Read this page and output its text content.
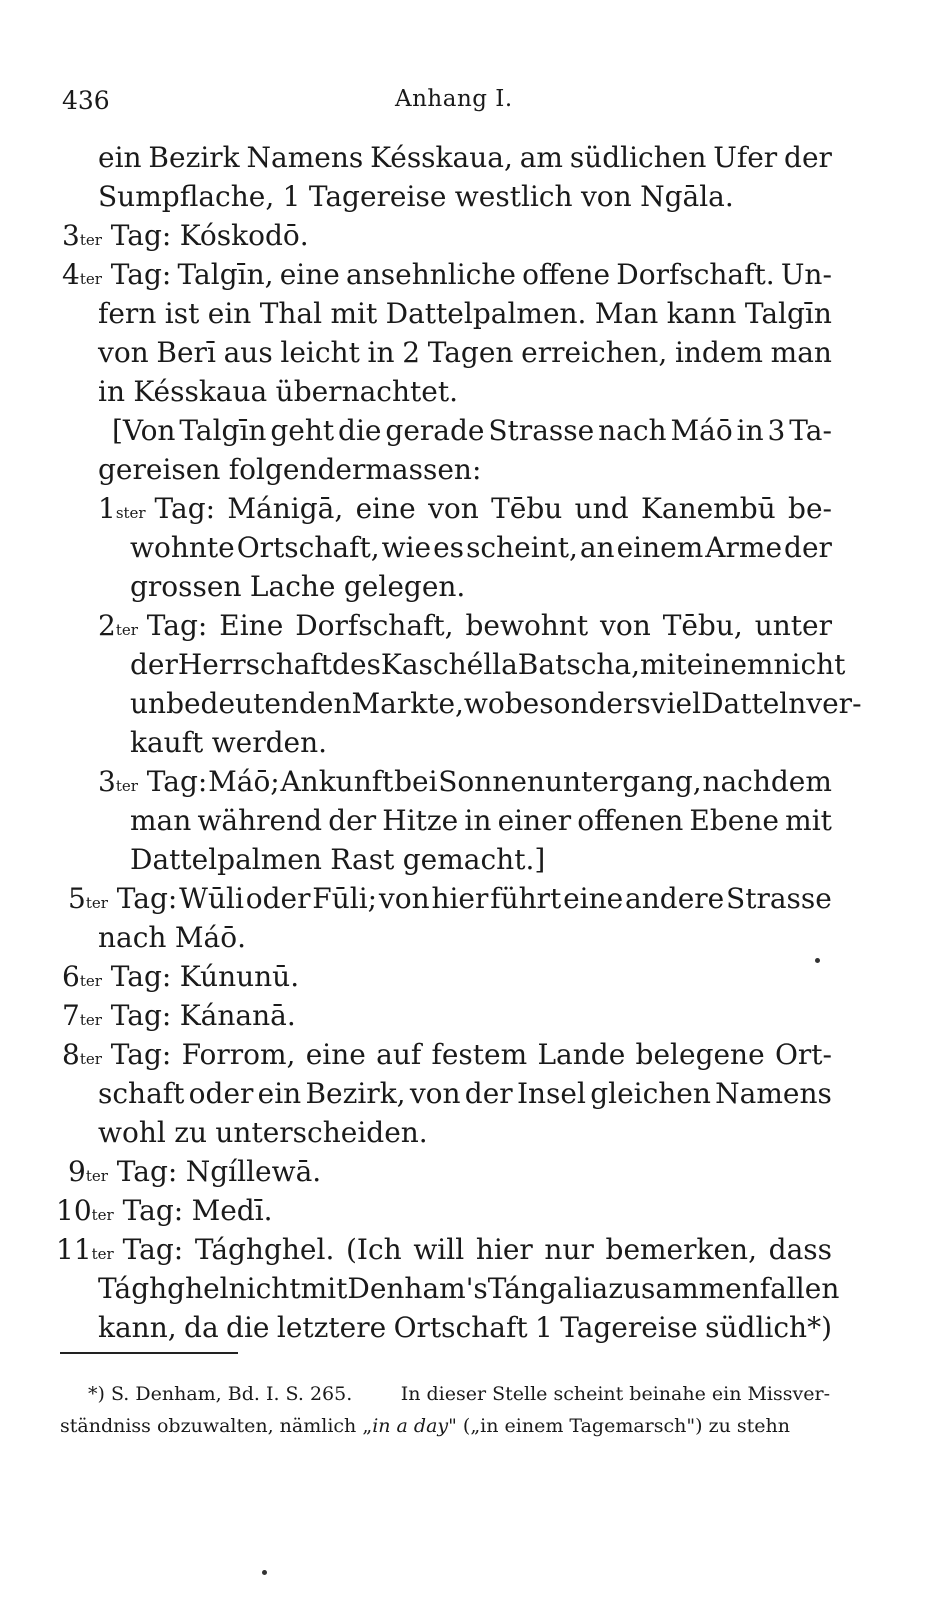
436	Anhang I.
ein Bezirk Namens Késskaua, am südlichen Ufer der
Sumpflache, 1 Tagereise westlich von Ngāla.
3 ter Tag: Kóskodō.
4 ter Tag: Talgīn, eine ansehnliche offene Dorfschaft. Un-
fern ist ein Thal mit Dattelpalmen. Man kann Talgīn
von Berī aus leicht in 2 Tagen erreichen, indem man
in Késskaua übernachtet.
[Von Talgīn geht die gerade Strasse nach Máō in 3 Ta-
gereisen folgendermassen:
1 ster Tag: Mánigā, eine von Tēbu und Kanembū be-
wohnte Ortschaft, wie es scheint, an einem Arme der
grossen Lache gelegen.
2 ter Tag: Eine Dorfschaft, bewohnt von Tēbu, unter
der Herrschaft des Kaschélla Batscha, mit einem nicht
unbedeutenden Markte, wo besonders viel Datteln ver-
kauft werden.
3 ter Tag: Máō; Ankunft bei Sonnenuntergang, nachdem
man während der Hitze in einer offenen Ebene mit
Dattelpalmen Rast gemacht.]
5 ter Tag: Wūli oder Fūli; von hier führt eine andere Strasse
nach Máō.
6 ter Tag: Kúnunū.
7 ter Tag: Kánanā.
8 ter Tag: Forrom, eine auf festem Lande belegene Ort-
schaft oder ein Bezirk, von der Insel gleichen Namens
wohl zu unterscheiden.
9 ter Tag: Ngíllewā.
10 ter Tag: Medī.
11 ter Tag: Tághghel. (Ich will hier nur bemerken, dass
Tághghel nicht mit Denham's Tángalia zusammenfallen
kann, da die letztere Ortschaft 1 Tagereise südlich*)
*) S. Denham, Bd. I. S. 265.	In dieser Stelle scheint beinahe ein Missver-
ständniss obzuwalten, nämlich „in a day" („in einem Tagemarsch") zu stehn
